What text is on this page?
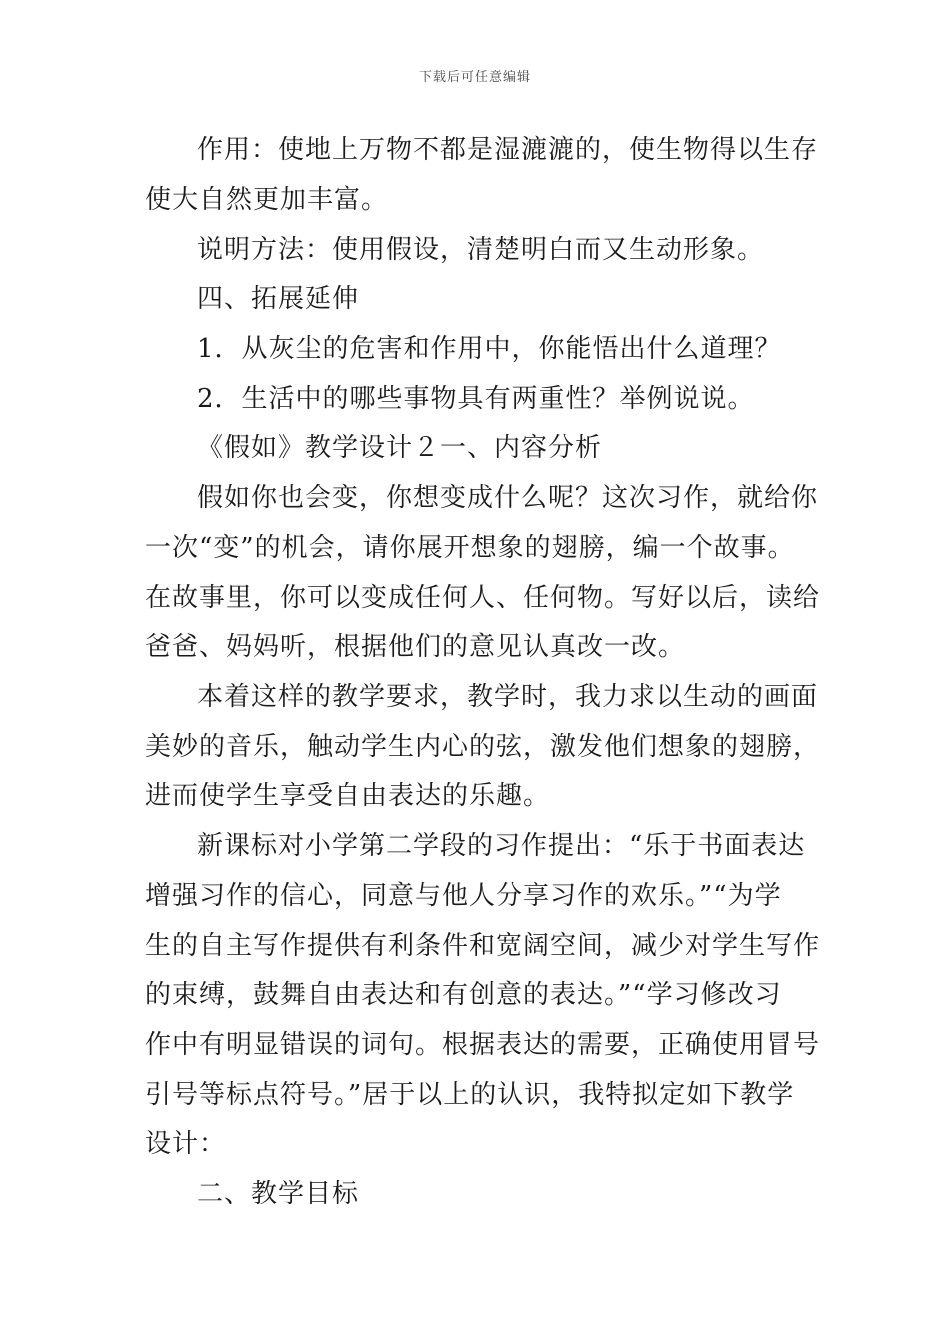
下载后可任意编辑
作用：使地上万物不都是湿漉漉的，使生物得以生存
使大自然更加丰富。
说明方法：使用假设，清楚明白而又生动形象。
四、拓展延伸
1．从灰尘的危害和作用中，你能悟出什么道理？
2．生活中的哪些事物具有两重性？举例说说。
《假如》教学设计２一、内容分析
假如你也会变，你想变成什么呢？这次习作，就给你
一次“变”的机会，请你展开想象的翅膀，编一个故事。
在故事里，你可以变成任何人、任何物。写好以后，读给
爸爸、妈妈听，根据他们的意见认真改一改。
本着这样的教学要求，教学时，我力求以生动的画面
美妙的音乐，触动学生内心的弦，激发他们想象的翅膀，
进而使学生享受自由表达的乐趣。
新课标对小学第二学段的习作提出：“乐于书面表达
增强习作的信心，同意与他人分享习作的欢乐。”“为学
生的自主写作提供有利条件和宽阔空间，减少对学生写作
的束缚，鼓舞自由表达和有创意的表达。”“学习修改习
作中有明显错误的词句。根据表达的需要，正确使用冒号
引号等标点符号。”居于以上的认识，我特拟定如下教学
设计：
二、教学目标
